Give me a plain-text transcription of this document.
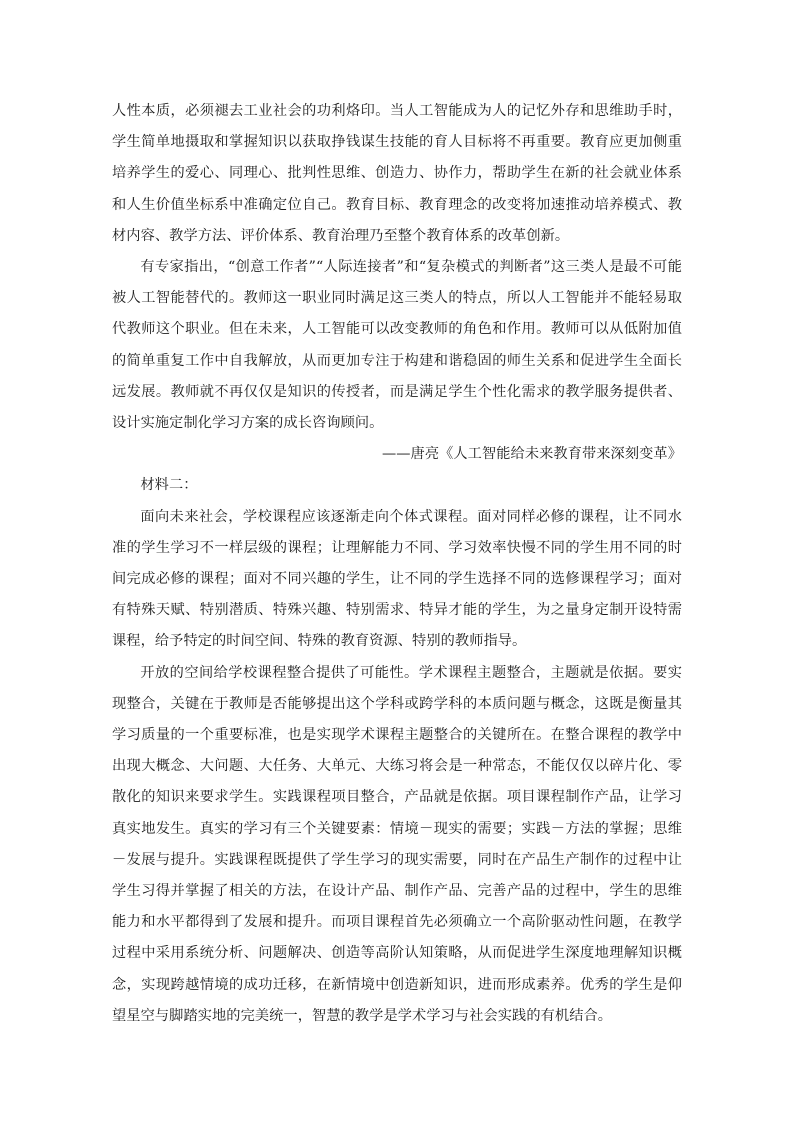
人性本质，必须褪去工业社会的功利烙印。当人工智能成为人的记忆外存和思维助手时，学生简单地摄取和掌握知识以获取挣钱谋生技能的育人目标将不再重要。教育应更加侧重培养学生的爱心、同理心、批判性思维、创造力、协作力，帮助学生在新的社会就业体系和人生价值坐标系中准确定位自己。教育目标、教育理念的改变将加速推动培养模式、教材内容、教学方法、评价体系、教育治理乃至整个教育体系的改革创新。

有专家指出，“创意工作者”“人际连接者”和“复杂模式的判断者”这三类人是最不可能被人工智能替代的。教师这一职业同时满足这三类人的特点，所以人工智能并不能轻易取代教师这个职业。但在未来，人工智能可以改变教师的角色和作用。教师可以从低附加值的简单重复工作中自我解放，从而更加专注于构建和谐稳固的师生关系和促进学生全面长远发展。教师就不再仅仅是知识的传授者，而是满足学生个性化需求的教学服务提供者、设计实施定制化学习方案的成长咨询顾问。

——唐亮《人工智能给未来教育带来深刻变革》

材料二：

面向未来社会，学校课程应该逐渐走向个体式课程。面对同样必修的课程，让不同水准的学生学习不一样层级的课程；让理解能力不同、学习效率快慢不同的学生用不同的时间完成必修的课程；面对不同兴趣的学生，让不同的学生选择不同的选修课程学习；面对有特殊天赋、特别潜质、特殊兴趣、特别需求、特异才能的学生，为之量身定制开设特需课程，给予特定的时间空间、特殊的教育资源、特别的教师指导。

开放的空间给学校课程整合提供了可能性。学术课程主题整合，主题就是依据。要实现整合，关键在于教师是否能够提出这个学科或跨学科的本质问题与概念，这既是衡量其学习质量的一个重要标准，也是实现学术课程主题整合的关键所在。在整合课程的教学中出现大概念、大问题、大任务、大单元、大练习将会是一种常态，不能仅仅以碎片化、零散化的知识来要求学生。实践课程项目整合，产品就是依据。项目课程制作产品，让学习真实地发生。真实的学习有三个关键要素：情境－现实的需要；实践－方法的掌握；思维－发展与提升。实践课程既提供了学生学习的现实需要，同时在产品生产制作的过程中让学生习得并掌握了相关的方法，在设计产品、制作产品、完善产品的过程中，学生的思维能力和水平都得到了发展和提升。而项目课程首先必须确立一个高阶驱动性问题，在教学过程中采用系统分析、问题解决、创造等高阶认知策略，从而促进学生深度地理解知识概念，实现跨越情境的成功迁移，在新情境中创造新知识，进而形成素养。优秀的学生是仰望星空与脚踏实地的完美统一，智慧的教学是学术学习与社会实践的有机结合。
